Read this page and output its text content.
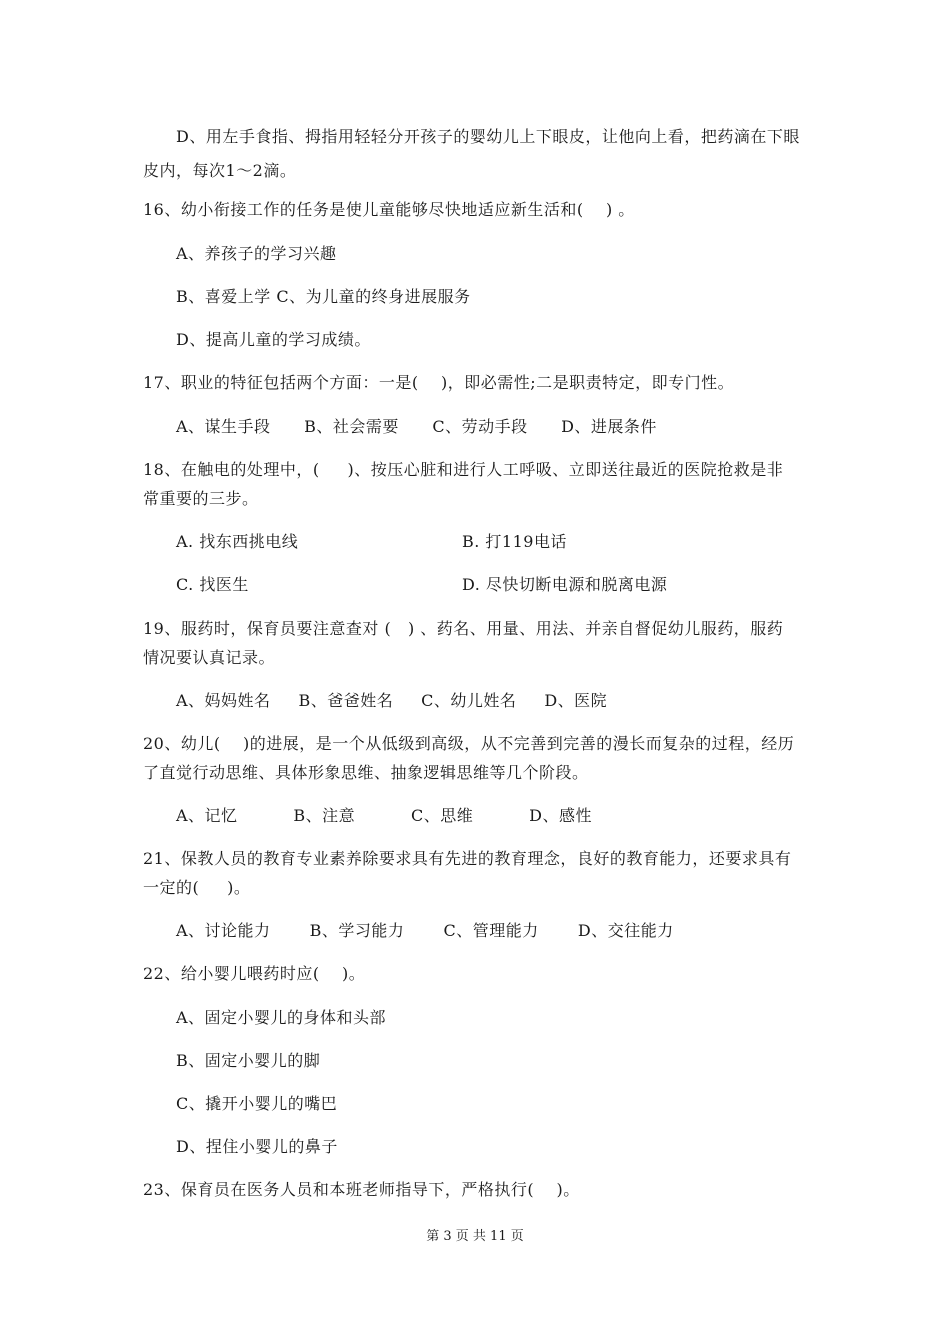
D、用左手食指、拇指用轻轻分开孩子的婴幼儿上下眼皮，让他向上看，把药滴在下眼
皮内，每次1～2滴。
16、幼小衔接工作的任务是使儿童能够尽快地适应新生活和(    ) 。
A、养孩子的学习兴趣
B、喜爱上学 C、为儿童的终身进展服务
D、提高儿童的学习成绩。
17、职业的特征包括两个方面：一是(    )，即必需性;二是职责特定，即专门性。
A、谋生手段      B、社会需要      C、劳动手段      D、进展条件
18、在触电的处理中，(     )、按压心脏和进行人工呼吸、立即送往最近的医院抢救是非
常重要的三步。
A. 找东西挑电线	B. 打119电话
C. 找医生	D. 尽快切断电源和脱离电源
19、服药时，保育员要注意查对 (   ) 、药名、用量、用法、并亲自督促幼儿服药，服药
情况要认真记录。
A、妈妈姓名     B、爸爸姓名     C、幼儿姓名     D、医院
20、幼儿(    )的进展，是一个从低级到高级，从不完善到完善的漫长而复杂的过程，经历
了直觉行动思维、具体形象思维、抽象逻辑思维等几个阶段。
A、记忆          B、注意          C、思维          D、感性
21、保教人员的教育专业素养除要求具有先进的教育理念，良好的教育能力，还要求具有
一定的(     )。
A、讨论能力       B、学习能力       C、管理能力       D、交往能力
22、给小婴儿喂药时应(    )。
A、固定小婴儿的身体和头部
B、固定小婴儿的脚
C、撬开小婴儿的嘴巴
D、捏住小婴儿的鼻子
23、保育员在医务人员和本班老师指导下，严格执行(    )。
第 3 页 共 11 页
